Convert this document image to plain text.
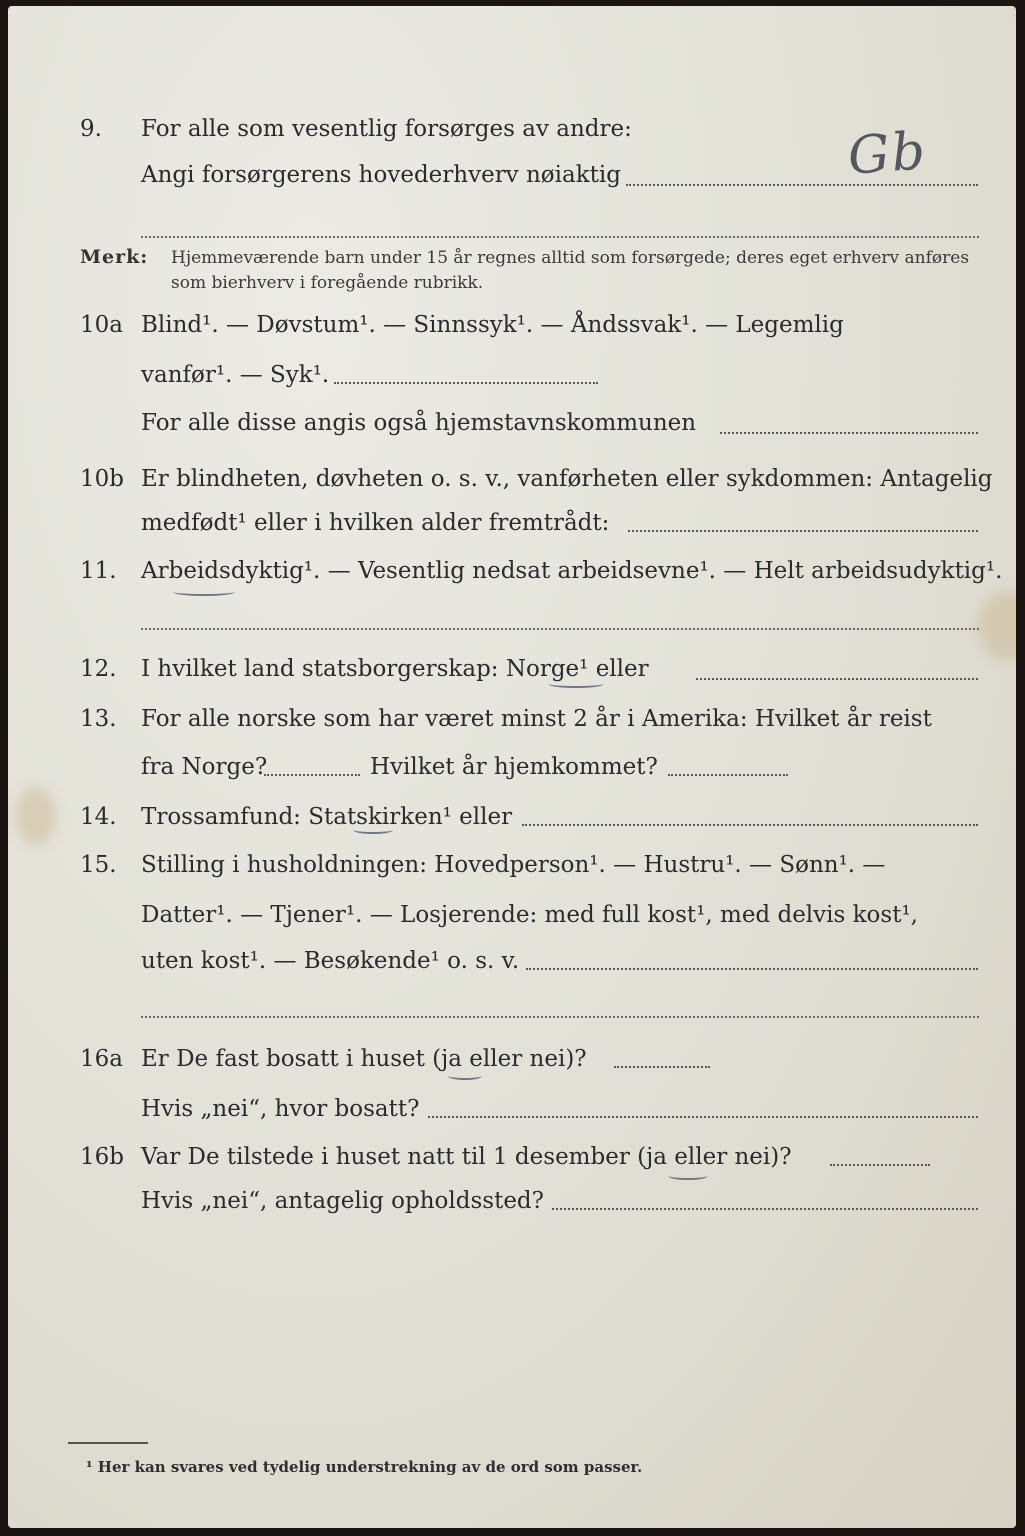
9. For alle som vesentlig forsørges av andre:
Angi forsørgerens hovederhverv nøiaktig	Gb
Merk: Hjemmeværende barn under 15 år regnes alltid som forsørgede; deres eget erhverv anføres som bierhverv i foregående rubrikk.
10a Blind¹. — Døvstum¹. — Sinnssyk¹. — Åndssvak¹. — Legemlig
vanfør¹. — Syk¹.
For alle disse angis også hjemstavnskommunen
10b Er blindheten, døvheten o. s. v., vanførheten eller sykdommen: Antagelig
medfødt¹ eller i hvilken alder fremtrådt:
11. Arbeidsdyktig¹. — Vesentlig nedsat arbeidsevne¹. — Helt arbeidsudyktig¹.
12. I hvilket land statsborgerskap: Norge¹ eller
13. For alle norske som har været minst 2 år i Amerika: Hvilket år reist
fra Norge?	Hvilket år hjemkommet?
14. Trossamfund: Statskirken¹ eller
15. Stilling i husholdningen: Hovedperson¹. — Hustru¹. — Sønn¹. —
Datter¹. — Tjener¹. — Losjerende: med full kost¹, med delvis kost¹,
uten kost¹. — Besøkende¹ o. s. v.
16a Er De fast bosatt i huset (ja eller nei)?
Hvis „nei“, hvor bosatt?
16b Var De tilstede i huset natt til 1 desember (ja eller nei)?
Hvis „nei“, antagelig opholdssted?
¹ Her kan svares ved tydelig understrekning av de ord som passer.
